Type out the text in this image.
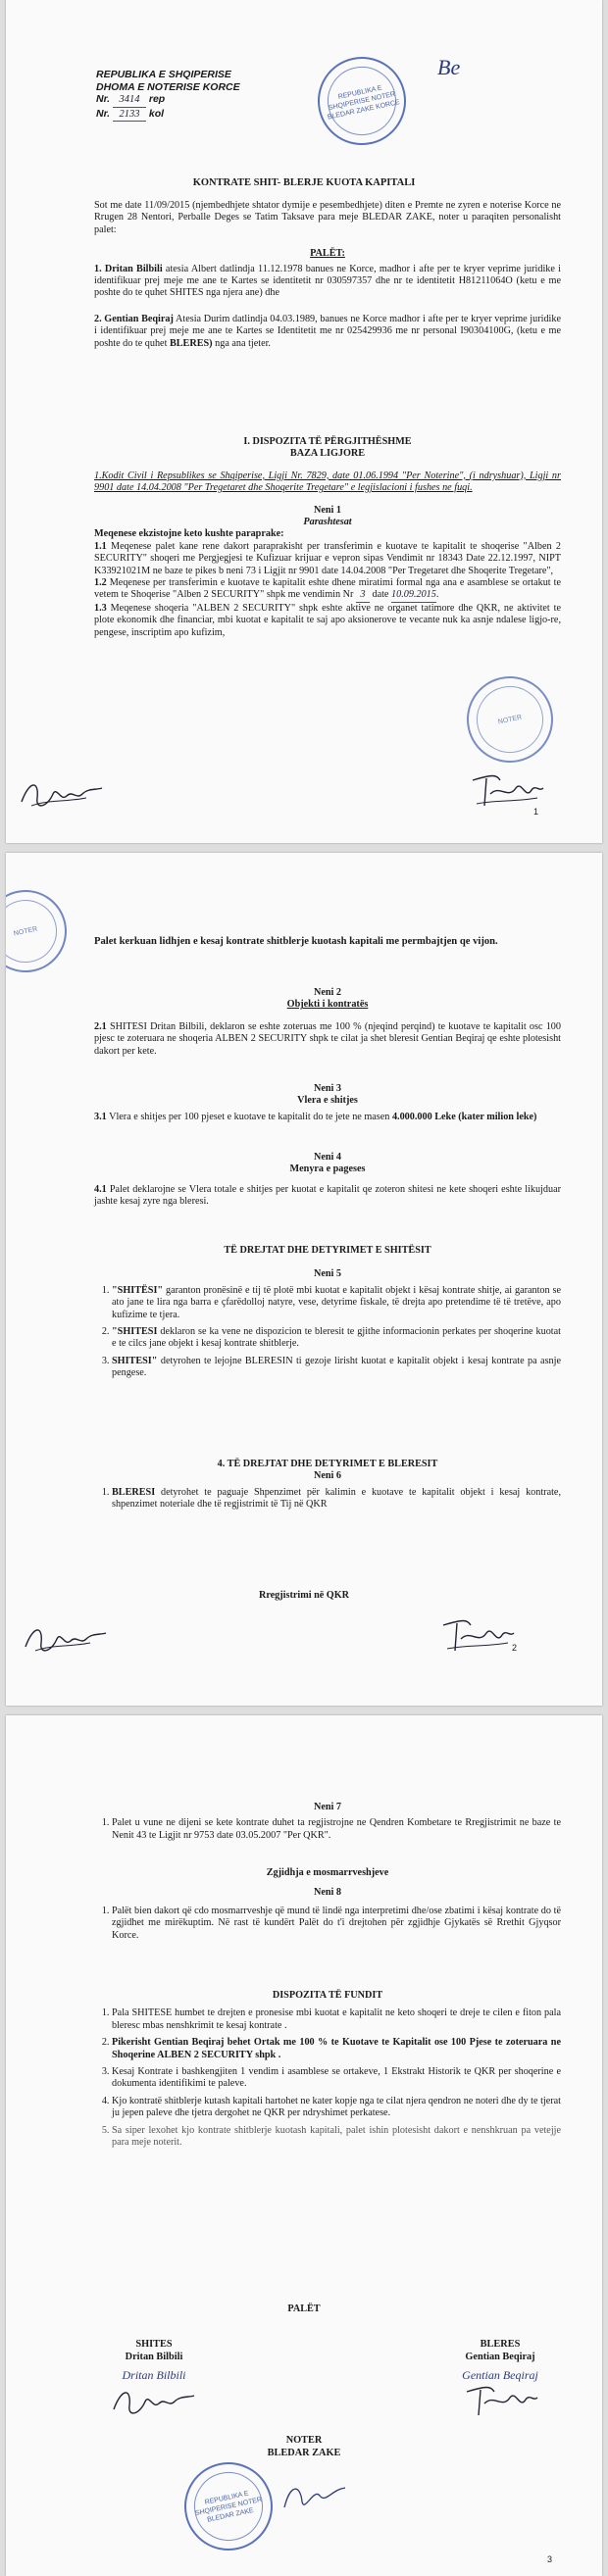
REPUBLIKA E SHQIPERISE NOTER BLEDAR ZAKE KORCE
Be
REPUBLIKA E SHQIPERISE
DHOMA E NOTERISE KORCE
Nr. 3414 rep
Nr. 2133 kol
KONTRATE SHIT- BLERJE KUOTA KAPITALI
Sot me date 11/09/2015 (njembedhjete shtator dymije e pesembedhjete) diten e Premte ne zyren e noterise Korce ne Rrugen 28 Nentori, Perballe Deges se Tatim Taksave para meje BLEDAR ZAKE, noter u paraqiten personalisht palet:
PALËT:
1. Dritan Bilbili atesia Albert datlindja 11.12.1978 banues ne Korce, madhor i afte per te kryer veprime juridike i identifikuar prej meje me ane te Kartes se identitetit nr 030597357 dhe nr te identitetit H81211064O (ketu e me poshte do te quhet SHITES nga njera ane) dhe
2. Gentian Beqiraj Atesia Durim datlindja 04.03.1989, banues ne Korce madhor i afte per te kryer veprime juridike i identifikuar prej meje me ane te Kartes se Identitetit me nr 025429936 me nr personal I90304100G, (ketu e me poshte do te quhet BLERES) nga ana tjeter.
I. DISPOZITA TË PËRGJITHËSHME
BAZA LIGJORE
1.Kodit Civil i Repsublikes se Shqiperise, Ligji Nr. 7829, date 01.06.1994 "Per Noterine", (i ndryshuar), Ligji nr 9901 date 14.04.2008 "Per Tregetaret dhe Shoqerite Tregetare" e legjislacioni i fushes ne fuqi.
Neni 1
Parashtesat
Meqenese ekzistojne keto kushte paraprake:
1.1 Meqenese palet kane rene dakort paraprakisht per transferimin e kuotave te kapitalit te shoqerise "Alben 2 SECURITY" shoqeri me Pergjegjesi te Kufizuar krijuar e vepron sipas Vendimit nr 18343 Date 22.12.1997, NIPT K33921021M ne baze te pikes b neni 73 i Ligjit nr 9901 date 14.04.2008 "Per Tregetaret dhe Shoqerite Tregetare",
1.2 Meqenese per transferimin e kuotave te kapitalit eshte dhene miratimi formal nga ana e asamblese se ortakut te vetem te Shoqerise "Alben 2 SECURITY" shpk me vendimin Nr 3 date 10.09.2015.
1.3 Meqenese shoqeria "ALBEN 2 SECURITY" shpk eshte aktive ne organet tatimore dhe QKR, ne aktivitet te plote ekonomik dhe financiar, mbi kuotat e kapitalit te saj apo aksionerove te vecante nuk ka asnje ndalese ligjo-re, pengese, inscriptim apo kufizim,
NOTER
1
NOTER
Palet kerkuan lidhjen e kesaj kontrate shitblerje kuotash kapitali me permbajtjen qe vijon.
Neni 2
Objekti i kontratës
2.1 SHITESI Dritan Bilbili, deklaron se eshte zoteruas me 100 % (njeqind perqind) te kuotave te kapitalit osc 100 pjesc te zoteruara ne shoqeria ALBEN 2 SECURITY shpk te cilat ja shet bleresit Gentian Beqiraj qe eshte plotesisht dakort per kete.
Neni 3
Vlera e shitjes
3.1 Vlera e shitjes per 100 pjeset e kuotave te kapitalit do te jete ne masen 4.000.000 Leke (kater milion leke)
Neni 4
Menyra e pageses
4.1 Palet deklarojne se Vlera totale e shitjes per kuotat e kapitalit qe zoteron shitesi ne kete shoqeri eshte likujduar jashte kesaj zyre nga bleresi.
TË DREJTAT DHE DETYRIMET E SHITËSIT
Neni 5
1. "SHITËSI" garanton pronësinë e tij të plotë mbi kuotat e kapitalit objekt i kësaj kontrate shitje, ai garanton se ato jane te lira nga barra e çfarëdolloj natyre, vese, detyrime fiskale, të drejta apo pretendime të të tretëve, apo kufizime te tjera.
2. "SHITESI deklaron se ka vene ne dispozicion te bleresit te gjithe informacionin perkates per shoqerine kuotat e te cilcs jane objekt i kesaj kontrate shitblerje.
3. SHITESI" detyrohen te lejojne BLERESIN ti gezoje lirisht kuotat e kapitalit objekt i kesaj kontrate pa asnje pengese.
4. TË DREJTAT DHE DETYRIMET E BLERESIT
Neni 6
1. BLERESI detyrohet te paguaje Shpenzimet për kalimin e kuotave te kapitalit objekt i kesaj kontrate, shpenzimet noteriale dhe të regjistrimit të Tij në QKR
Rregjistrimi në QKR
2
Neni 7
1. Palet u vune ne dijeni se kete kontrate duhet ta regjistrojne ne Qendren Kombetare te Rregjistrimit ne baze te Nenit 43 te Ligjit nr 9753 date 03.05.2007 "Per QKR".
Zgjidhja e mosmarrveshjeve
Neni 8
1. Palët bien dakort që cdo mosmarrveshje që mund të lindë nga interpretimi dhe/ose zbatimi i kësaj kontrate do të zgjidhet me mirëkuptim. Në rast të kundërt Palët do t'i drejtohen për zgjidhje Gjykatës së Rrethit Gjyqsor Korce.
DISPOZITA TË FUNDIT
1. Pala SHITESE humbet te drejten e pronesise mbi kuotat e kapitalit ne keto shoqeri te dreje te cilen e fiton pala bleresc mbas nenshkrimit te kesaj kontrate .
2. Pikerisht Gentian Beqiraj behet Ortak me 100 % te Kuotave te Kapitalit ose 100 Pjese te zoteruara ne Shoqerine ALBEN 2 SECURITY shpk .
3. Kesaj Kontrate i bashkengjiten 1 vendim i asamblese se ortakeve, 1 Ekstrakt Historik te QKR per shoqerine e dokumenta identifikimi te paleve.
4. Kjo kontratë shitblerje kutash kapitali hartohet ne kater kopje nga te cilat njera qendron ne noteri dhe dy te tjerat ju jepen paleve dhe tjetra dergohet ne QKR per ndryshimet perkatese.
5. Sa siper lexohet kjo kontrate shitblerje kuotash kapitali, palet ishin plotesisht dakort e nenshkruan pa vetejje para meje noterit.
PALËT
SHITES
Dritan Bilbili
Dritan Bilbili
BLERES
Gentian Beqiraj
Gentian Beqiraj
NOTER
BLEDAR ZAKE
REPUBLIKA E SHQIPERISE NOTER BLEDAR ZAKE
3
